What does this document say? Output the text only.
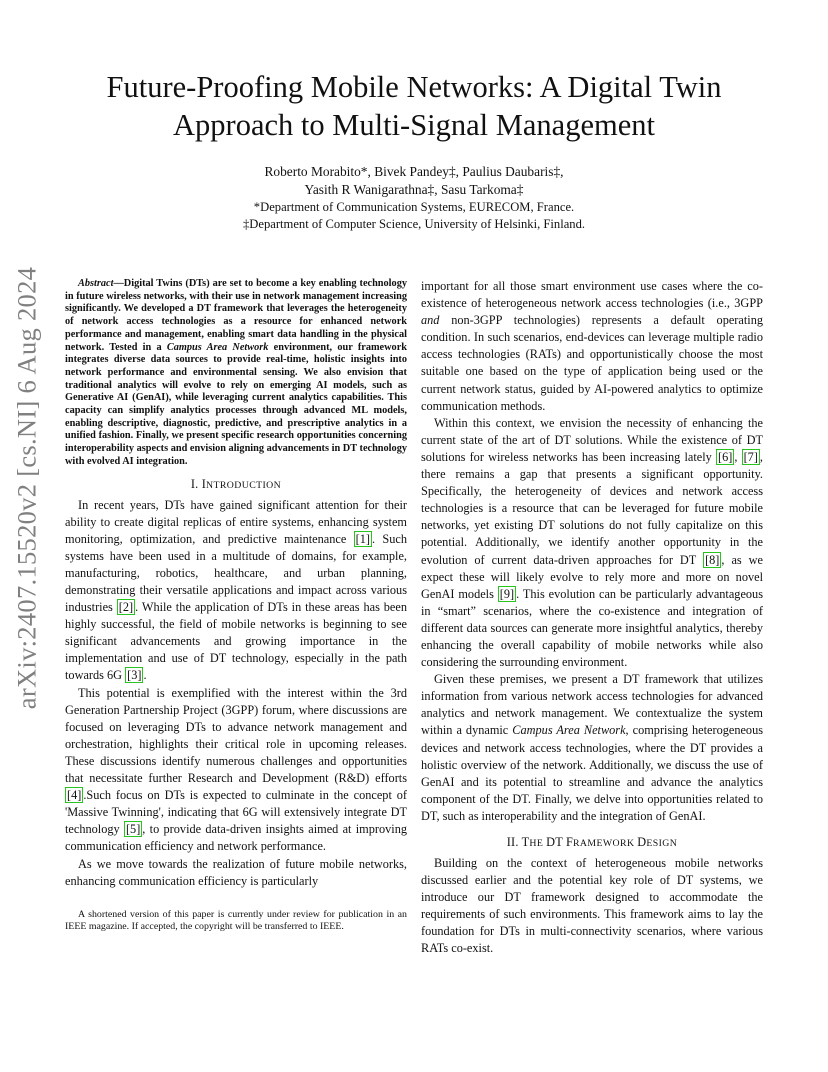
arXiv:2407.15520v2 [cs.NI] 6 Aug 2024
Future-Proofing Mobile Networks: A Digital Twin
Approach to Multi-Signal Management
Roberto Morabito*, Bivek Pandey‡, Paulius Daubaris‡,
Yasith R Wanigarathna‡, Sasu Tarkoma‡
*Department of Communication Systems, EURECOM, France.
‡Department of Computer Science, University of Helsinki, Finland.

Abstract—Digital Twins (DTs) are set to become a key enabling technology in future wireless networks, with their use in network management increasing significantly. We developed a DT framework that leverages the heterogeneity of network access technologies as a resource for enhanced network performance and management, enabling smart data handling in the physical network. Tested in a Campus Area Network environment, our framework integrates diverse data sources to provide real-time, holistic insights into network performance and environmental sensing. We also envision that traditional analytics will evolve to rely on emerging AI models, such as Generative AI (GenAI), while leveraging current analytics capabilities. This capacity can simplify analytics processes through advanced ML models, enabling descriptive, diagnostic, predictive, and prescriptive analytics in a unified fashion. Finally, we present specific research opportunities concerning interoperability aspects and envision aligning advancements in DT technology with evolved AI integration.

I. INTRODUCTION

In recent years, DTs have gained significant attention for their ability to create digital replicas of entire systems, enhancing system monitoring, optimization, and predictive maintenance [1] . Such systems have been used in a multitude of domains, for example, manufacturing, robotics, healthcare, and urban planning, demonstrating their versatile applications and impact across various industries [2] . While the application of DTs in these areas has been highly successful, the field of mobile networks is beginning to see significant advancements and growing importance in the implementation and use of DT technology, especially in the path towards 6G [3] .

This potential is exemplified with the interest within the 3rd Generation Partnership Project (3GPP) forum, where discussions are focused on leveraging DTs to advance network management and orchestration, highlights their critical role in upcoming releases. These discussions identify numerous challenges and opportunities that necessitate further Research and Development (R&D) efforts [4] .Such focus on DTs is expected to culminate in the concept of 'Massive Twinning', indicating that 6G will extensively integrate DT technology [5] , to provide data-driven insights aimed at improving communication efficiency and network performance.

As we move towards the realization of future mobile networks, enhancing communication efficiency is particularly

A shortened version of this paper is currently under review for publication in an IEEE magazine. If accepted, the copyright will be transferred to IEEE.

important for all those smart environment use cases where the co-existence of heterogeneous network access technologies (i.e., 3GPP and non-3GPP technologies) represents a default operating condition. In such scenarios, end-devices can leverage multiple radio access technologies (RATs) and opportunistically choose the most suitable one based on the type of application being used or the current network status, guided by AI-powered analytics to optimize communication methods.

Within this context, we envision the necessity of enhancing the current state of the art of DT solutions. While the existence of DT solutions for wireless networks has been increasing lately [6] , [7] , there remains a gap that presents a significant opportunity. Specifically, the heterogeneity of devices and network access technologies is a resource that can be leveraged for future mobile networks, yet existing DT solutions do not fully capitalize on this potential. Additionally, we identify another opportunity in the evolution of current data-driven approaches for DT [8] , as we expect these will likely evolve to rely more and more on novel GenAI models [9] . This evolution can be particularly advantageous in “smart” scenarios, where the co-existence and integration of different data sources can generate more insightful analytics, thereby enhancing the overall capability of mobile networks while also considering the surrounding environment.

Given these premises, we present a DT framework that utilizes information from various network access technologies for advanced analytics and network management. We contextualize the system within a dynamic Campus Area Network, comprising heterogeneous devices and network access technologies, where the DT provides a holistic overview of the network. Additionally, we discuss the use of GenAI and its potential to streamline and advance the analytics component of the DT. Finally, we delve into opportunities related to DT, such as interoperability and the integration of GenAI.

II. THE DT FRAMEWORK DESIGN

Building on the context of heterogeneous mobile networks discussed earlier and the potential key role of DT systems, we introduce our DT framework designed to accommodate the requirements of such environments. This framework aims to lay the foundation for DTs in multi-connectivity scenarios, where various RATs co-exist.
